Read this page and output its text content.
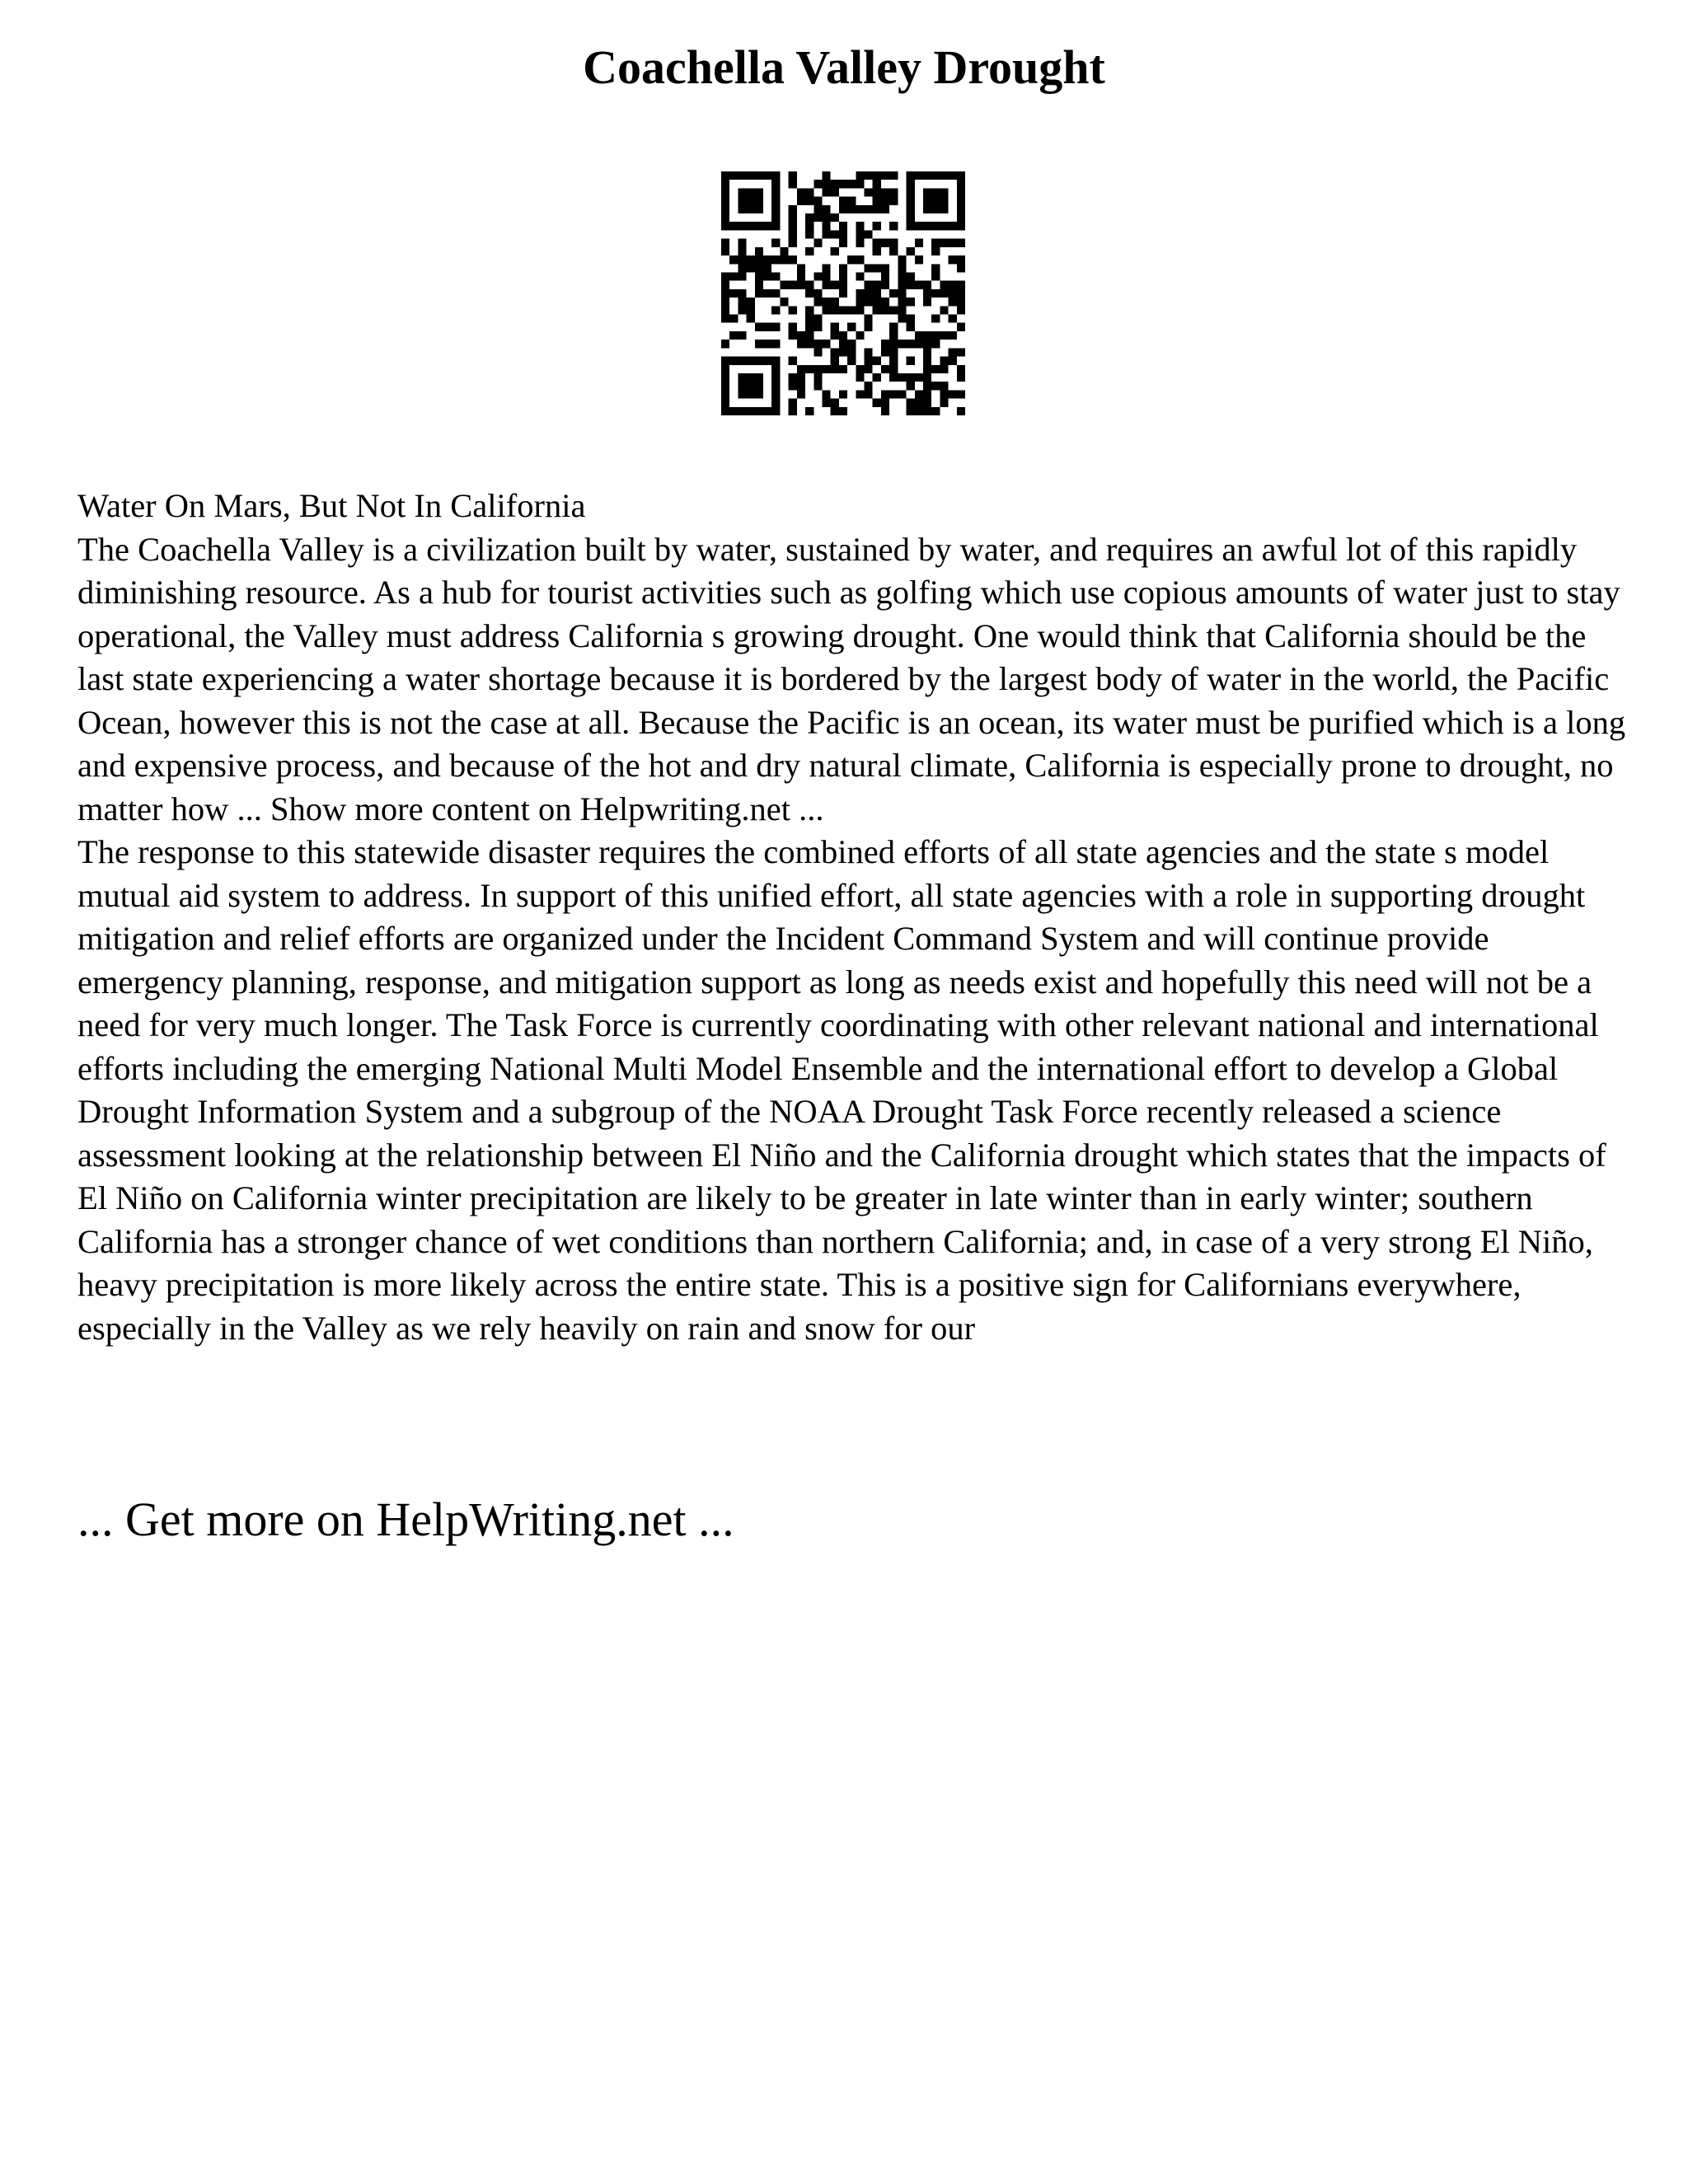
Coachella Valley Drought

Water On Mars, But Not In California

The Coachella Valley is a civilization built by water, sustained by water, and requires an awful lot of this rapidly diminishing resource. As a hub for tourist activities such as golfing which use copious amounts of water just to stay operational, the Valley must address California s growing drought. One would think that California should be the last state experiencing a water shortage because it is bordered by the largest body of water in the world, the Pacific Ocean, however this is not the case at all. Because the Pacific is an ocean, its water must be purified which is a long and expensive process, and because of the hot and dry natural climate, California is especially prone to drought, no matter how ... Show more content on Helpwriting.net ...

The response to this statewide disaster requires the combined efforts of all state agencies and the state s model mutual aid system to address. In support of this unified effort, all state agencies with a role in supporting drought mitigation and relief efforts are organized under the Incident Command System and will continue provide emergency planning, response, and mitigation support as long as needs exist and hopefully this need will not be a need for very much longer. The Task Force is currently coordinating with other relevant national and international efforts including the emerging National Multi Model Ensemble and the international effort to develop a Global Drought Information System and a subgroup of the NOAA Drought Task Force recently released a science assessment looking at the relationship between El Niño and the California drought which states that the impacts of El Niño on California winter precipitation are likely to be greater in late winter than in early winter; southern California has a stronger chance of wet conditions than northern California; and, in case of a very strong El Niño, heavy precipitation is more likely across the entire state. This is a positive sign for Californians everywhere, especially in the Valley as we rely heavily on rain and snow for our

... Get more on HelpWriting.net ...
